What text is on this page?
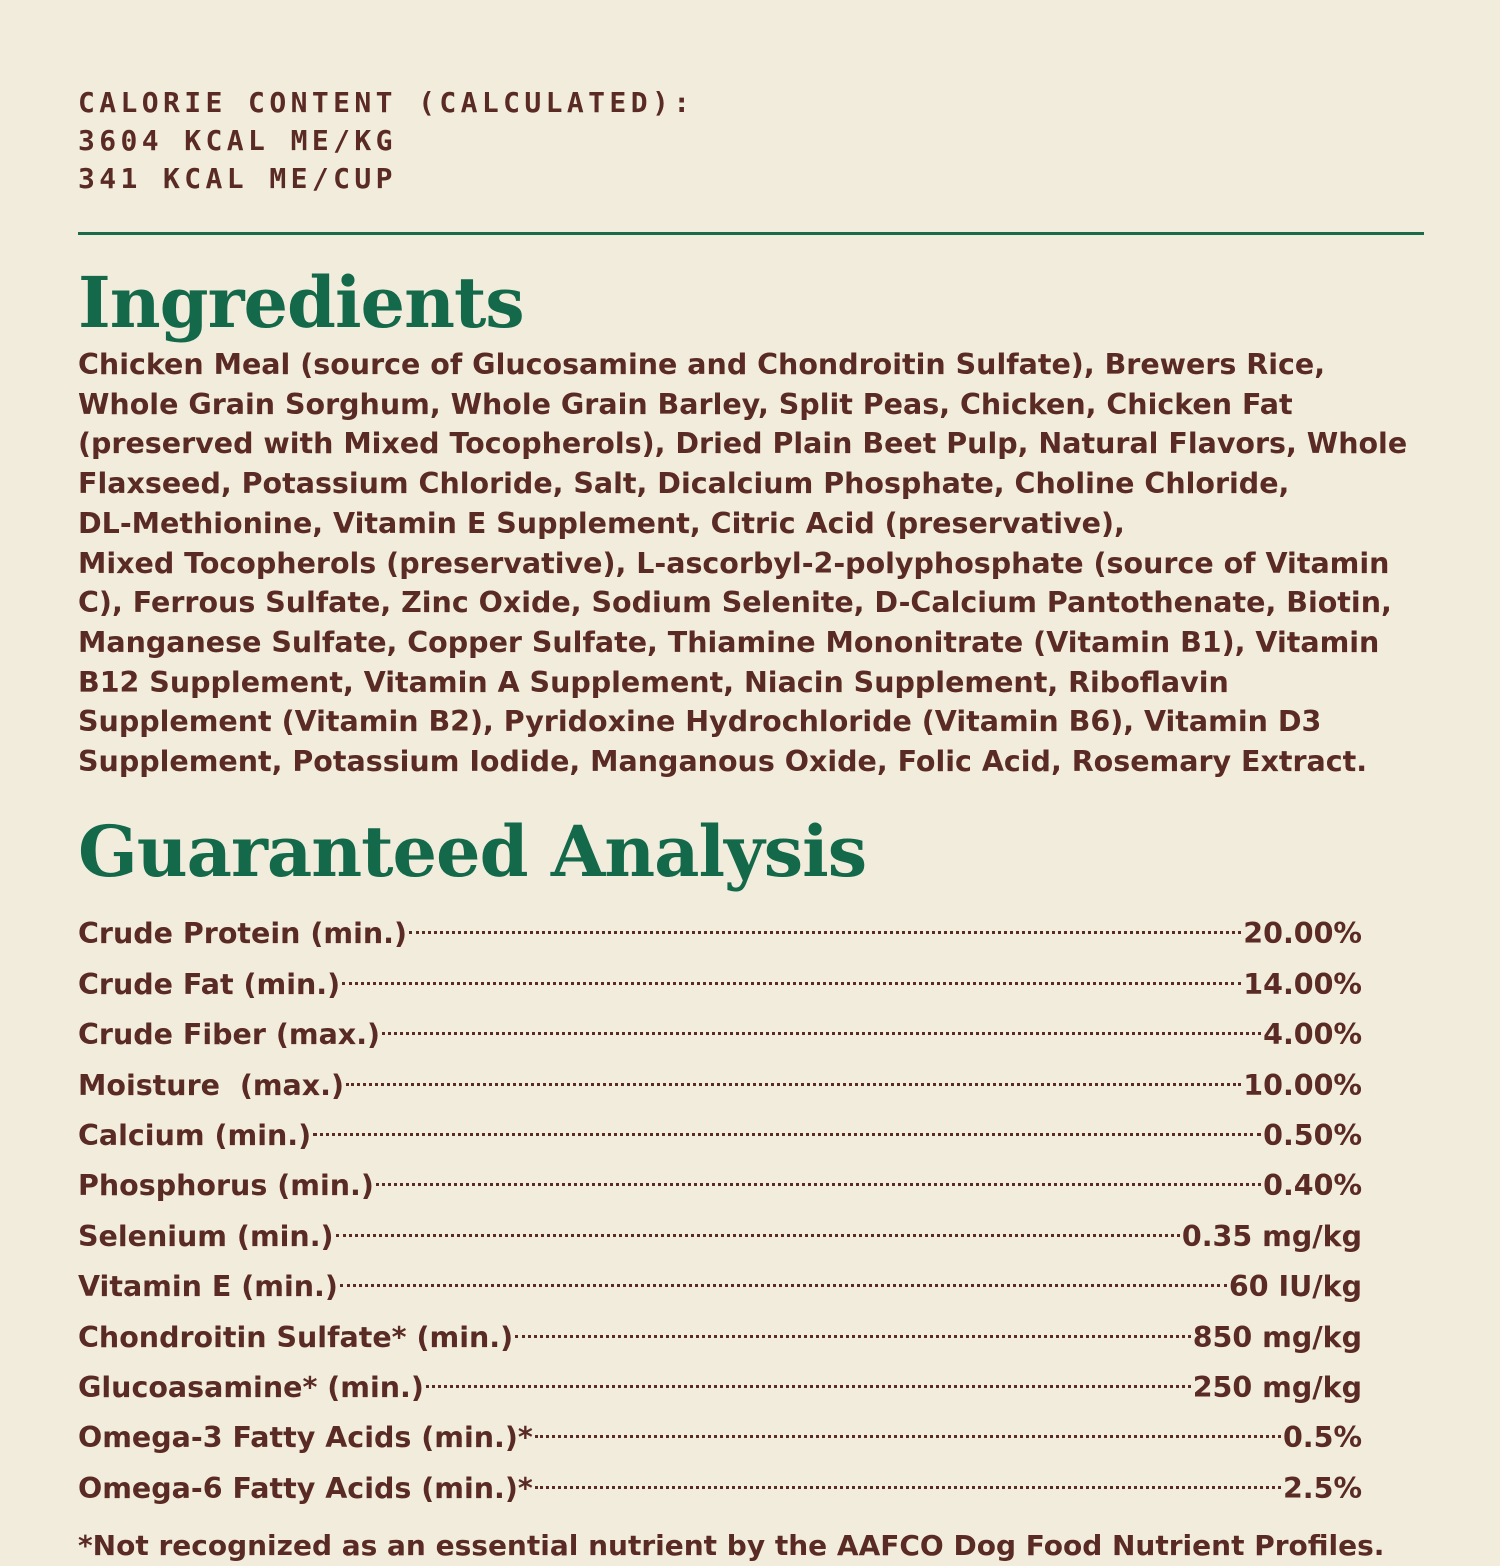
CALORIE CONTENT (CALCULATED):
3604 KCAL ME/KG
341 KCAL ME/CUP
Ingredients
Chicken Meal (source of Glucosamine and Chondroitin Sulfate), Brewers Rice,
Whole Grain Sorghum, Whole Grain Barley, Split Peas, Chicken, Chicken Fat
(preserved with Mixed Tocopherols), Dried Plain Beet Pulp, Natural Flavors, Whole
Flaxseed, Potassium Chloride, Salt, Dicalcium Phosphate, Choline Chloride,
DL-Methionine, Vitamin E Supplement, Citric Acid (preservative),
Mixed Tocopherols (preservative), L-ascorbyl-2-polyphosphate (source of Vitamin
C), Ferrous Sulfate, Zinc Oxide, Sodium Selenite, D-Calcium Pantothenate, Biotin,
Manganese Sulfate, Copper Sulfate, Thiamine Mononitrate (Vitamin B1), Vitamin
B12 Supplement, Vitamin A Supplement, Niacin Supplement, Riboflavin
Supplement (Vitamin B2), Pyridoxine Hydrochloride (Vitamin B6), Vitamin D3
Supplement, Potassium Iodide, Manganous Oxide, Folic Acid, Rosemary Extract.
Guaranteed Analysis
Crude Protein (min.)	20.00%
Crude Fat (min.)	14.00%
Crude Fiber (max.)	4.00%
Moisture  (max.)	10.00%
Calcium (min.)	0.50%
Phosphorus (min.)	0.40%
Selenium (min.)	0.35 mg/kg
Vitamin E (min.)	60 IU/kg
Chondroitin Sulfate* (min.)	850 mg/kg
Glucoasamine* (min.)	250 mg/kg
Omega-3 Fatty Acids (min.)*	0.5%
Omega-6 Fatty Acids (min.)*	2.5%
*Not recognized as an essential nutrient by the AAFCO Dog Food Nutrient Profiles.
